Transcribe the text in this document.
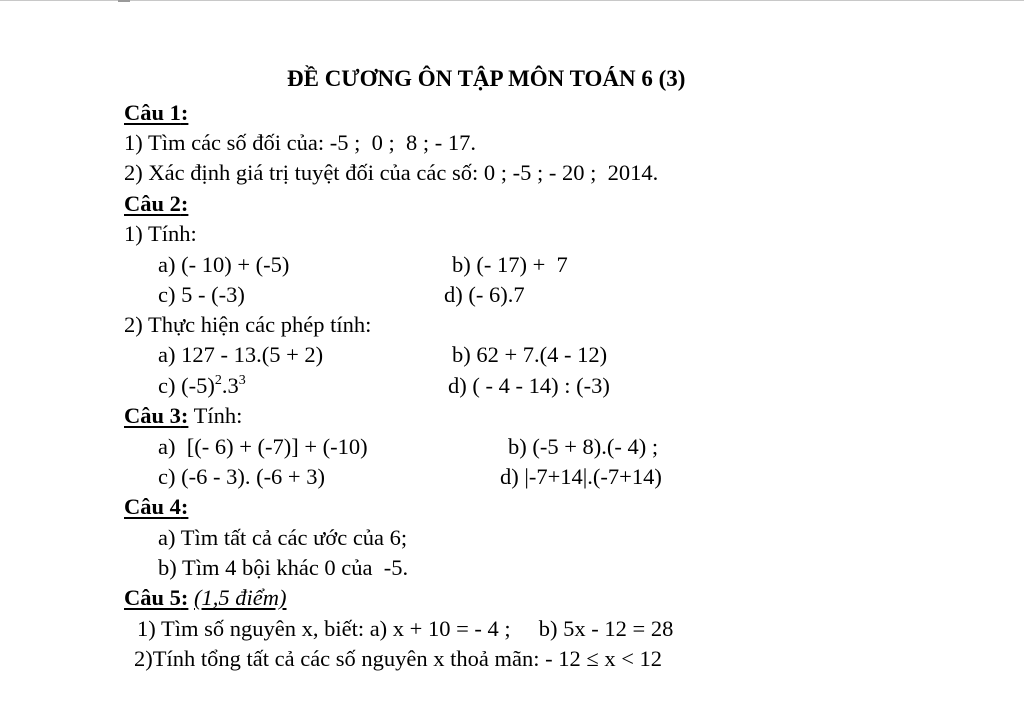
ĐỀ CƯƠNG ÔN TẬP MÔN TOÁN 6 (3)
Câu 1:
1) Tìm các số đối của: -5 ;  0 ;  8 ; - 17.
2) Xác định giá trị tuyệt đối của các số: 0 ; -5 ; - 20 ;  2014.
Câu 2:
1) Tính:
a) (- 10) + (-5)	b) (- 17) +  7
c) 5 - (-3)	d) (- 6).7
2) Thực hiện các phép tính:
a) 127 - 13.(5 + 2)	b) 62 + 7.(4 - 12)
c) $(-5)^2.3^3$	d) ( - 4 - 14) : (-3)
Câu 3: Tính:
a)  [(- 6) + (-7)] + (-10)	b) (-5 + 8).(- 4) ;
c) (-6 - 3). (-6 + 3)	d) |-7+14|.(-7+14)
Câu 4:
a) Tìm tất cả các ước của 6;
b) Tìm 4 bội khác 0 của  -5.
Câu 5: (1,5 điểm)
1) Tìm số nguyên x, biết: a) x + 10 = - 4 ;     b) 5x - 12 = 28
2)Tính tổng tất cả các số nguyên x thoả mãn: - 12 ≤ x < 12
